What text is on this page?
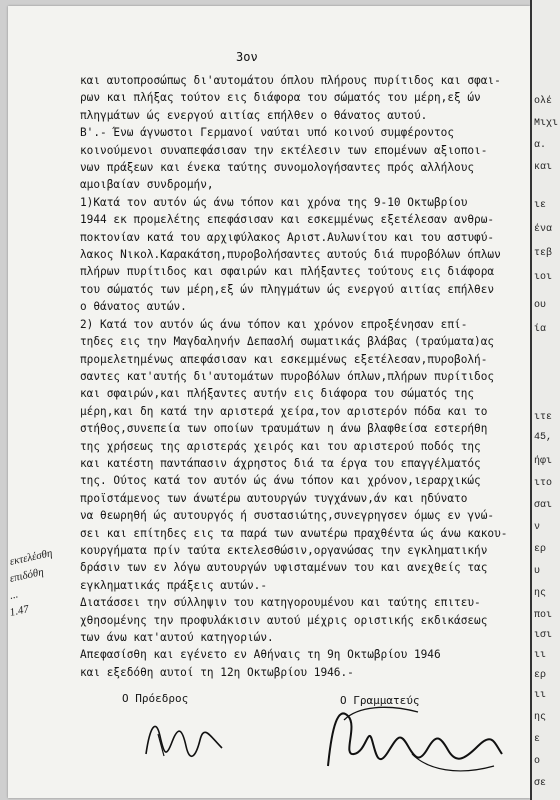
3ον
και αυτοπροσώπως δι'αυτομάτου όπλου πλήρους πυρίτιδος και σφαι-
ρων και πλήξας τούτον εις διάφορα του σώματός του μέρη,εξ ών
πληγμάτων ώς ενεργού αιτίας επήλθεν ο θάνατος αυτού.
Β'.- Ένω άγνωστοι Γερμανοί ναύται υπό κοινού συμφέροντος
κοινούμενοι συναπεφάσισαν την εκτέλεσιν των επομένων αξιοποι-
νων πράξεων και ένεκα ταύτης συνομολογήσαντες πρός αλλήλους
αμοιβαίαν συνδρομήν,
1)Κατά τον αυτόν ώς άνω τόπον και χρόνα της 9-10 Οκτωβρίου
1944 εκ προμελέτης επεφάσισαν και εσκεμμένως εξετέλεσαν ανθρω-
ποκτονίαν κατά του αρχιφύλακος Αριστ.Αυλωνίτου και του αστυφύ-
λακος Νικολ.Καρακάτση,πυροβολήσαντες αυτούς διά πυροβόλων όπλων
πλήρων πυρίτιδος και σφαιρών και πλήξαντες τούτους εις διάφορα
του σώματός των μέρη,εξ ών πληγμάτων ώς ενεργού αιτίας επήλθεν
ο θάνατος αυτών.
2) Κατά τον αυτόν ώς άνω τόπον και χρόνον επροξένησαν επί-
τηδες εις την Μαγδαληνήν Δεπασλή σωματικάς βλάβας (τραύματα)ας
προμελετημένως απεφάσισαν και εσκεμμένως εξετέλεσαν,πυροβολή-
σαντες κατ'αυτής δι'αυτομάτων πυροβόλων όπλων,πλήρων πυρίτιδος
και σφαιρών,και πλήξαντες αυτήν εις διάφορα του σώματός της
μέρη,και δη κατά την αριστερά χείρα,τον αριστερόν πόδα και το
στήθος,συνεπεία των οποίων τραυμάτων η άνω βλαφθείσα εστερήθη
της χρήσεως της αριστεράς χειρός και του αριστερού ποδός της
και κατέστη παντάπασιν άχρηστος διά τα έργα του επαγγέλματός
της. Ούτος κατά τον αυτόν ώς άνω τόπον και χρόνον,ιεραρχικώς
προϊστάμενος των άνωτέρω αυτουργών τυγχάνων,άν και ηδύνατο
να θεωρηθή ώς αυτουργός ή συστασιώτης,συνεγρηγσεν όμως εν γνώ-
σει και επίτηδες εις τα παρά των ανωτέρω πραχθέντα ώς άνω κακου-
κουργήματα πρίν ταύτα εκτελεσθώσιν,οργανώσας την εγκληματικήν
δράσιν των εν λόγω αυτουργών υφισταμένων του και ανεχθείς τας
εγκληματικάς πράξεις αυτών.-
Διατάσσει την σύλληψιν του κατηγορουμένου και ταύτης επιτευ-
χθησομένης την προφυλάκισιν αυτού μέχρις οριστικής εκδικάσεως
των άνω κατ'αυτού κατηγοριών.
Απεφασίσθη και εγένετο εν Αθήναις τη 9η Οκτωβρίου 1946
και εξεδόθη αυτοί τη 12η Οκτωβρίου 1946.-
εκτελέσθη
επιδόθη
...
1.47
Ο Πρόεδρος	Ο Γραμματεύς
ολέ
Μιχι
α.
και
ιε
ένα
τεβ
ιοι
ου
ία
ιτε
45,
ήφι
ιτο
σαι
ν
ερ
υ
ης
ποι
ισι
ιι
ερ
ιι
ης
ε
ο
σε
